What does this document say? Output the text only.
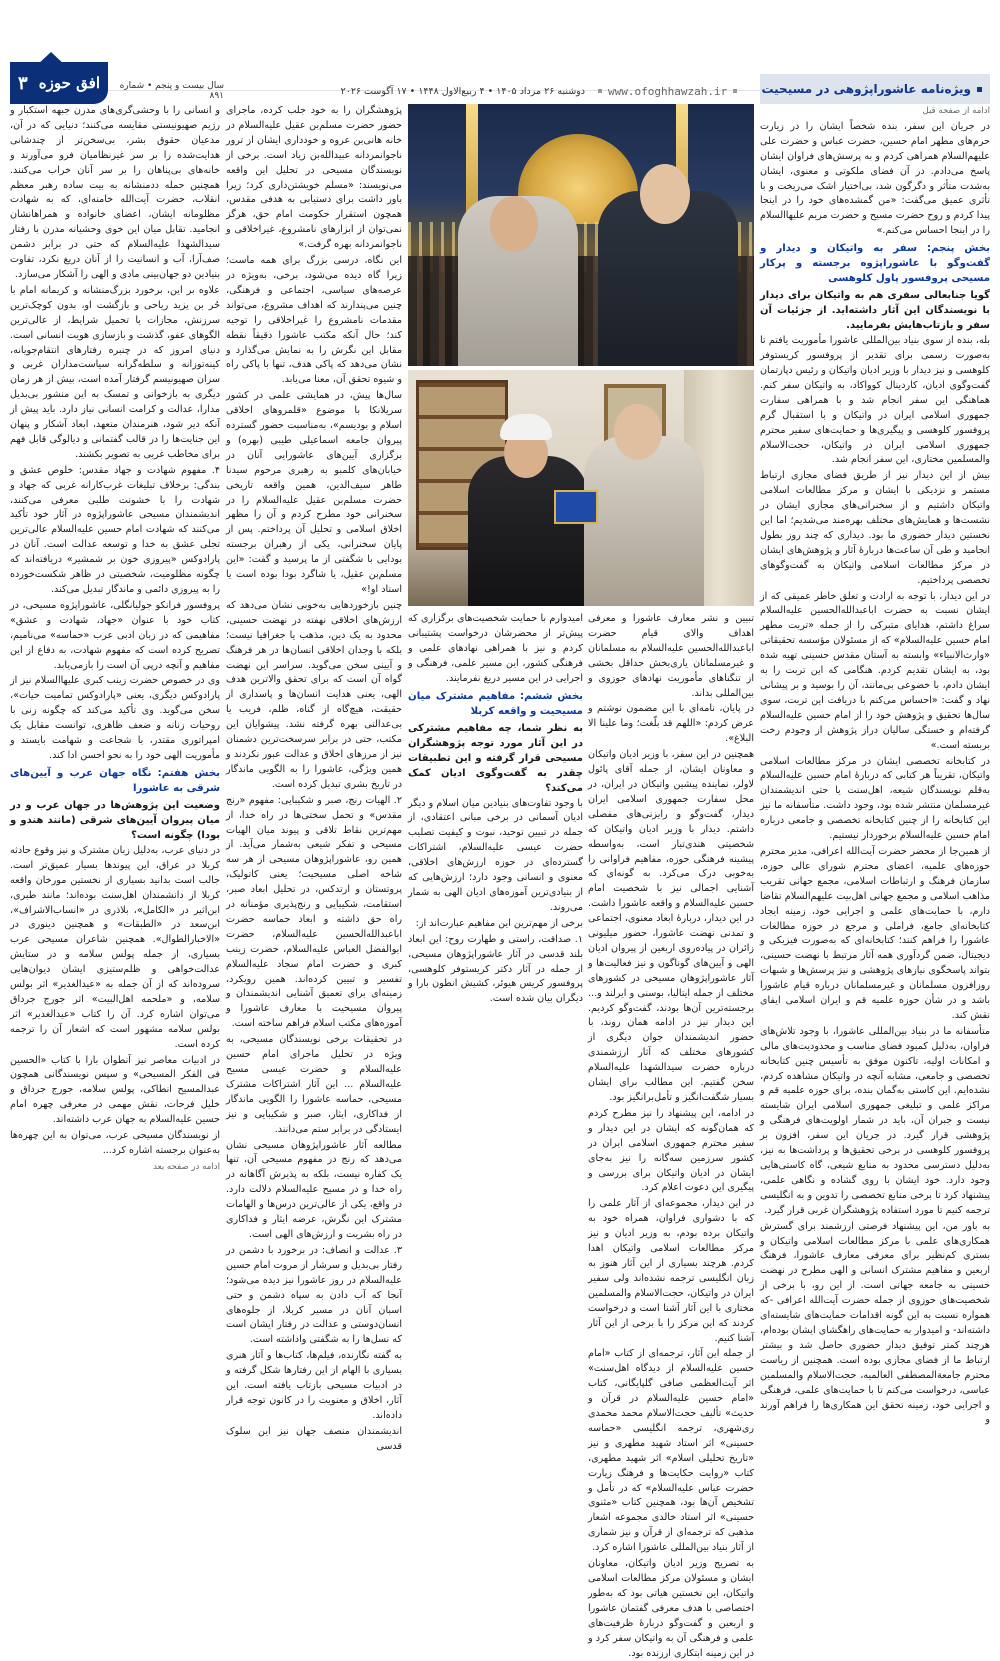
ویژه‌نامه عاشوراپژوهی در مسیحیت
www.ofoghhawzah.ir
دوشنبه ۲۶ مرداد ۱۴۰۵ • ۴ ربیع‌الاول ۱۴۴۸ • ۱۷ آگوست ۲۰۲۶
سال بیست و پنجم • شماره ۸۹۱
۳ افق حوزه

ادامه از صفحه قبل

در جریان این سفر، بنده شخصاً ایشان را در زیارت حرم‌های مطهر امام حسین، حضرت عباس و حضرت علی علیهم‌السلام همراهی کردم و به پرسش‌های فراوان ایشان پاسخ می‌دادم. در آن فضای ملکوتی و معنوی، ایشان به‌شدت متأثر و دگرگون شد، بی‌اختیار اشک می‌ریخت و با تأثری عمیق می‌گفت: «من گمشده‌های خود را در اینجا پیدا کردم و روح حضرت مسیح و حضرت مریم علیهاالسلام را در اینجا احساس می‌کنم.»

بخش پنجم: سفر به واتیکان و دیدار و گفت‌وگو با عاشوراپژوه برجسته و پرکار مسیحی پروفسور پاول کلوهسی

گویا جنابعالی سفری هم به واتیکان برای دیدار با نویسندگان این آثار داشته‌اید. از جزئیات آن سفر و بازتاب‌هایش بفرمایید.

بله، بنده از سوی بنیاد بین‌المللی عاشورا مأموریت یافتم تا به‌صورت رسمی برای تقدیر از پروفسور کریستوفر کلوهسی و نیز دیدار با وزیر ادیان واتیکان و رئیس دپارتمان گفت‌وگوی ادیان، کاردینال کوواکاد، به واتیکان سفر کنم. هماهنگی این سفر انجام شد و با همراهی سفارت جمهوری اسلامی ایران در واتیکان و با استقبال گرم پروفسور کلوهسی و پیگیری‌ها و حمایت‌های سفیر محترم جمهوری اسلامی ایران در واتیکان، حجت‌الاسلام والمسلمین مختاری، این سفر انجام شد.

بیش از این دیدار نیز از طریق فضای مجازی ارتباط مستمر و نزدیکی با ایشان و مرکز مطالعات اسلامی واتیکان داشتیم و از سخنرانی‌های مجازی ایشان در نشست‌ها و همایش‌های مختلف بهره‌مند می‌شدیم؛ اما این نخستین دیدار حضوری ما بود. دیداری که چند روز بطول انجامید و طی آن ساعت‌ها دربارهٔ آثار و پژوهش‌های ایشان در مرکز مطالعات اسلامی واتیکان به گفت‌وگوهای تخصصی پرداختیم.

در این دیدار، با توجه به ارادت و تعلق خاطر عمیقی که از ایشان نسبت به حضرت اباعبدالله‌الحسین علیه‌السلام سراغ داشتم، هدایای متبرکی را از جمله «تربت مطهر امام حسین علیه‌السلام» که از مسئولان مؤسسه تحقیقاتی «وارث‌الانبیاء» وابسته به آستان مقدس حسینی تهیه شده بود، به ایشان تقدیم کردم. هنگامی که این تربت را به ایشان دادم، با خضوعی بی‌مانند، آن را بوسید و بر پیشانی نهاد و گفت: «احساس می‌کنم با دریافت این تربت، سوی سال‌ها تحقیق و پژوهش خود را از امام حسین علیه‌السلام گرفته‌ام و خستگی سالیان دراز پژوهش از وجودم رخت بربسته است.»

در کتابخانه تخصصی ایشان در مرکز مطالعات اسلامی واتیکان، تقریباً هر کتابی که دربارهٔ امام حسین علیه‌السلام به‌قلم نویسندگان شیعه، اهل‌سنت یا حتی اندیشمندان غیرمسلمان منتشر شده بود، وجود داشت. متأسفانه ما نیز این کتابخانه را از چنین کتابخانه تخصصی و جامعی درباره امام حسین علیه‌السلام برخوردار نیستیم.

از همین‌جا از محضر حضرت آیت‌الله اعرافی، مدیر محترم حوزه‌های علمیه، اعضای محترم شورای عالی حوزه، سازمان فرهنگ و ارتباطات اسلامی، مجمع جهانی تقریب مذاهب اسلامی و مجمع جهانی اهل‌بیت علیهم‌السلام تقاضا دارم، با حمایت‌های علمی و اجرایی خود، زمینه ایجاد کتابخانه‌ای جامع، فراملی و مرجع در حوزه مطالعات عاشورا را فراهم کنند؛ کتابخانه‌ای که به‌صورت فیزیکی و دیجیتال، ضمن گردآوری همه آثار مرتبط با نهضت حسینی، بتواند پاسخگوی نیازهای پژوهشی و نیز پرسش‌ها و شبهات روزافزون مسلمانان و غیرمسلمانان درباره قیام عاشورا باشد و در شأن حوزه علمیه قم و ایران اسلامی ایفای نقش کند.

متأسفانه ما در بنیاد بین‌المللی عاشورا، با وجود تلاش‌های فراوان، به‌دلیل کمبود فضای مناسب و محدودیت‌های مالی و امکانات اولیه، تاکنون موفق به تأسیس چنین کتابخانه تخصصی و جامعی، مشابه آنچه در واتیکان مشاهده کردم، نشده‌ایم. این کاستی به‌گمان بنده، برای حوزه علمیه قم و مراکز علمی و تبلیغی جمهوری اسلامی ایران شایسته نیست و جبران آن، باید در شمار اولویت‌های فرهنگی و پژوهشی قرار گیرد. در جریان این سفر، افزون بر پروفسور کلوهسی در برخی تحقیق‌ها و پرداشت‌ها به نیز، به‌دلیل دسترسی محدود به منابع شیعی، گاه کاستی‌هایی وجود دارد. خود ایشان با روی گشاده و نگاهی علمی، پیشنهاد کرد تا برخی منابع تخصصی را تدوین و به انگلیسی ترجمه کنیم تا مورد استفاده پژوهشگران غربی قرار گیرد.

به باور من، این پیشنهاد فرصتی ارزشمند برای گسترش همکاری‌های علمی با مرکز مطالعات اسلامی واتیکان و بستری کم‌نظیر برای معرفی معارف عاشورا، فرهنگ اربعین و مفاهیم مشترک انسانی و الهی مطرح در نهضت حسینی به جامعه جهانی است. از این رو، با برخی از شخصیت‌های حوزوی از جمله حضرت آیت‌الله اعرافی -که همواره نسبت به این گونه اقدامات حمایت‌های شایسته‌ای داشته‌اند- و امیدوار به حمایت‌های راهگشای ایشان بوده‌ام، هرچند کمتر توفیق دیدار حضوری حاصل شد و بیشتر ارتباط ما از فضای مجازی بوده است. همچنین از ریاست محترم جامعةالمصطفی العالمیه، حجت‌الاسلام والمسلمین عباسی، درخواست می‌کنم تا با حمایت‌های علمی، فرهنگی و اجرایی خود، زمینه تحقق این همکاری‌ها را فراهم آورند و

تبیین و نشر معارف عاشورا و معرفی اهداف والای قیام حضرت اباعبدالله‌الحسین علیه‌السلام به مسلمانان و غیرمسلمانان یاری‌بخش حداقل بخشی از تنگناهای مأموریت نهادهای حوزوی و بین‌المللی بداند.

در پایان، نامه‌ای با این مضمون نوشتم و عرض کردم: «اللهم قد بلّغت؛ وما علینا الا البلاغ».

همچنین در این سفر، با وزیر ادیان واتیکان و معاونان ایشان، از جمله آقای پائول لاولر، نماینده پیشین واتیکان در ایران، در محل سفارت جمهوری اسلامی ایران دیدار، گفت‌وگو و رایزنی‌های مفصلی داشتم. دیدار با وزیر ادیان واتیکان که شخصیتی هندی‌تبار است، به‌واسطه پیشینه فرهنگی حوزه، مفاهیم فراوانی را به‌خوبی درک می‌کرد. به گونه‌ای که آشنایی اجمالی نیز با شخصیت امام حسین علیه‌السلام و واقعه عاشورا داشت. در این دیدار، دربارهٔ ابعاد معنوی، اجتماعی و تمدنی نهضت عاشورا، حضور میلیونی زائران در پیاده‌روی اربعین از پیروان ادیان الهی و آیین‌های گوناگون و نیز فعالیت‌ها و آثار عاشوراپژوهان مسیحی در کشورهای مختلف از جمله ایتالیا، بوسنی و ایرلند و... برجسته‌ترین آن‌ها بودند، گفت‌وگو کردیم. این دیدار نیز در ادامه همان روند، با حضور اندیشمندان جوان دیگری از کشورهای مختلف که آثار ارزشمندی درباره حضرت سیدالشهدا علیه‌السلام سخن گفتیم. این مطالب برای ایشان بسیار شگفت‌انگیز و تأمل‌برانگیز بود.

در ادامه، این پیشنهاد را نیز مطرح کردم که همان‌گونه که ایشان در این دیدار و سفیر محترم جمهوری اسلامی ایران در کشور سرزمین سه‌گانه را نیز به‌جای ایشان در ادیان واتیکان برای بررسی و پیگیری این دعوت اعلام کرد.

در این دیدار، مجموعه‌ای از آثار علمی را که با دشواری فراوان، همراه خود به واتیکان برده بودم، به وزیر ادیان و نیز مرکز مطالعات اسلامی واتیکان اهدا کردم. هرچند بسیاری از این آثار هنوز به زبان انگلیسی ترجمه نشده‌اند ولی سفیر ایران در واتیکان، حجت‌الاسلام والمسلمین مختاری با این آثار آشنا است و درخواست کردند که این مرکز را با برخی از این آثار آشنا کنیم.

از جمله این آثار، ترجمه‌ای از کتاب «امام حسین علیه‌السلام از دیدگاه اهل‌سنت» اثر آیت‌العظمی صافی گلپایگانی، کتاب «امام حسین علیه‌السلام در قرآن و حدیث» تألیف حجت‌الاسلام محمد محمدی ری‌شهری، ترجمه انگلیسی «حماسه حسینی» اثر استاد شهید مطهری و نیز «تاریخ تحلیلی اسلام» اثر شهید مطهری، کتاب «روایت حکایت‌ها و فرهنگ زیارت حضرت عباس علیه‌السلام» که در تأمل و تشخیص آن‌ها بود، همچنین کتاب «مثنوی حسینی» اثر استاد خالدی مجموعه اشعار مذهبی که ترجمه‌ای از قرآن و نیز شماری از آثار بنیاد بین‌المللی عاشورا اشاره کرد.

به تصریح وزیر ادیان واتیکان، معاونان ایشان و مسئولان مرکز مطالعات اسلامی واتیکان، این نخستین هیاتی بود که به‌طور اختصاصی با هدف معرفی گفتمان عاشورا و اربعین و گفت‌وگو دربارهٔ ظرفیت‌های علمی و فرهنگی آن به واتیکان سفر کرد و در این زمینه ابتکاری ارزنده بود.

امیدوارم با حمایت شخصیت‌های برگزاری که پیش‌تر از محضرشان درخواست پشتیبانی کردم و نیز با همراهی نهادهای علمی و فرهنگی کشور، این مسیر علمی، فرهنگی و اجرایی در این مسیر دریغ نفرمایند.

بخش ششم: مفاهیم مشترک میان مسیحیت و واقعه کربلا

به نظر شما، چه مفاهیم مشترکی در این آثار مورد توجه پژوهشگران مسیحی قرار گرفته و این تطبیقات چقدر به گفت‌وگوی ادیان کمک می‌کند؟

با وجود تفاوت‌های بنیادین میان اسلام و دیگر ادیان آسمانی در برخی مبانی اعتقادی، از جمله در تبیین توحید، نبوت و کیفیت تصلیب حضرت عیسی علیه‌السلام، اشتراکات گسترده‌ای در حوزه ارزش‌های اخلاقی، معنوی و انسانی وجود دارد؛ ارزش‌هایی که از بنیادی‌ترین آموزه‌های ادیان الهی به شمار می‌روند.

برخی از مهم‌ترین این مفاهیم عبارت‌اند از:

۱. صداقت، راستی و طهارت روح: این ابعاد بلند قدسی در آثار عاشوراپژوهان مسیحی، از جمله در آثار دکتر کریستوفر کلوهسی، پروفسور کریس هیوئر، کشیش انطون بارا و دیگران بیان شده است.

پژوهشگران را به خود جلب کرده، ماجرای حضور حضرت مسلم‌بن عقیل علیه‌السلام در خانه هانی‌بن عروه و خودداری ایشان از ترور ناجوانمردانه عبیدالله‌بن زیاد است. برخی از نویسندگان مسیحی در تحلیل این واقعه می‌نویسند: «مسلم خویشتن‌داری کرد؛ زیرا باور داشت برای دستیابی به هدفی مقدس، همچون استقرار حکومت امام حق، هرگز نمی‌توان از ابزارهای نامشروع، غیراخلاقی و ناجوانمردانه بهره گرفت.»

این نگاه، درسی بزرگ برای همه ماست؛ زیرا گاه دیده می‌شود، برخی، به‌ویژه در عرصه‌های سیاسی، اجتماعی و فرهنگی، چنین می‌پندارند که اهداف مشروع، می‌تواند مقدمات نامشروع را غیراخلاقی را توجیه کند؛ حال آنکه مکتب عاشورا دقیقاً نقطه مقابل این نگرش را به نمایش می‌گذارد و نشان می‌دهد که پاکی هدف، تنها با پاکی راه و شیوه تحقق آن، معنا می‌یابد.

سال‌ها پیش، در همایشی علمی در کشور سریلانکا با موضوع «قلمروهای اخلاقی اسلام و بودیسم»، به‌مناسبت حضور گسترده پیروان جامعه اسماعیلی طیبی (بهره) و برگزاری آیین‌های عاشورایی آنان در خیابان‌های کلمبو به رهبری مرحوم سیدنا طاهر سیف‌الدین، همین واقعه تاریخی حضرت مسلم‌بن عقیل علیه‌السلام را در سخنرانی خود مطرح کردم و آن را مظهر اخلاق اسلامی و تحلیل آن پرداختم. پس از پایان سخنرانی، یکی از رهبران برجسته بودایی با شگفتی از ما پرسید و گفت: «این مسلم‌بن عقیل، یا شاگرد بودا بوده است یا استاد او!»

چنین بازخوردهایی به‌خوبی نشان می‌دهد که ارزش‌های اخلاقی نهفته در نهضت حسینی، محدود به یک دین، مذهب یا جغرافیا نیست؛ بلکه با وجدان اخلاقی انسان‌ها در هر فرهنگ و آیینی سخن می‌گوید. سراسر این نهضت گواه آن است که برای تحقق والاترین هدف الهی، یعنی هدایت انسان‌ها و پاسداری از حقیقت، هیچ‌گاه از گناه، ظلم، فریب یا بی‌عدالتی بهره گرفته نشد. پیشوایان این مکتب، حتی در برابر سرسخت‌ترین دشمنان نیز از مرزهای اخلاق و عدالت عبور نکردند و همین ویژگی، عاشورا را به الگویی ماندگار در تاریخ بشری تبدیل کرده است.

۲. الهیات رنج، صبر و شکیبایی: مفهوم «رنج مقدس» و تحمل سختی‌ها در راه خدا، از مهم‌ترین نقاط تلاقی و پیوند میان الهیات مسیحی و تفکر شیعی به‌شمار می‌آید. از همین رو، عاشوراپژوهان مسیحی از هر سه شاخه اصلی مسیحیت؛ یعنی کاتولیک، پروتستان و ارتدکس، در تحلیل ابعاد صبر، استقامت، شکیبایی و رنج‌پذیری مؤمنانه در راه حق داشته و ابعاد حماسه حضرت اباعبدالله‌الحسین علیه‌السلام، حضرت ابوالفضل العباس علیه‌السلام، حضرت زینب کبری و حضرت امام سجاد علیه‌السلام تفسیر و تبیین کرده‌اند. همین رویکرد، زمینه‌ای برای تعمیق آشنایی اندیشمندان و پیروان مسیحیت با معارف عاشورا و آموزه‌های مکتب اسلام فراهم ساخته است.

در تحقیقات برخی نویسندگان مسیحی، به ویژه در تحلیل ماجرای امام حسین علیه‌السلام و حضرت عیسی مسیح علیه‌السلام ... این آثار اشتراکات مشترک مسیحی، حماسه عاشورا را الگویی ماندگار از فداکاری، ایثار، صبر و شکیبایی و نیز ایستادگی در برابر ستم می‌دانند.

مطالعه آثار عاشوراپژوهان مسیحی نشان می‌دهد که رنج در مفهوم مسیحی آن، تنها یک کفاره نیست، بلکه به پذیرش آگاهانه در راه خدا و در مسیح علیه‌السلام دلالت دارد. در واقع، یکی از عالی‌ترین درس‌ها و الهامات مشترک این نگرش، عرضه ایثار و فداکاری در راه بشریت و ارزش‌های الهی است.

۳. عدالت و انصاف: در برخورد با دشمن در رفتار بی‌بدیل و سرشار از مروت امام حسین علیه‌السلام در روز عاشورا نیز دیده می‌شود؛ آنجا که آب دادن به سپاه دشمن و حتی اسبان آنان در مسیر کربلا، از جلوه‌های انسان‌دوستی و عدالت در رفتار ایشان است که نسل‌ها را به شگفتی واداشته است.

به گفته نگارنده، فیلم‌ها، کتاب‌ها و آثار هنری بسیاری با الهام از این رفتارها شکل گرفته و در ادبیات مسیحی بازتاب یافته است. این آثار، اخلاق و معنویت را در کانون توجه قرار داده‌اند.

اندیشمندان منصف جهان نیز این سلوک قدسی

و انسانی را با وحشی‌گری‌های مدرن جبهه استکبار و رژیم صهیونیستی مقایسه می‌کنند؛ دنیایی که در آن، مدعیان حقوق بشر، بی‌سخن‌تر از چندشانی هدایت‌شده را بر سر غیرنظامیان فرو می‌آورند و خانه‌های بی‌پناهان را بر سر آنان خراب می‌کنند. همچنین حمله ددمنشانه به بیت ساده رهبر معظم انقلاب، حضرت آیت‌الله خامنه‌ای، که به شهادت مظلومانه ایشان، اعضای خانواده و همراهانشان انجامید. تقابل میان این خوی وحشیانه مدرن با رفتار سیدالشهدا علیه‌السلام که حتی در برابر دشمن صف‌آرا، آب و انسانیت را از آنان دریغ نکرد، تفاوت بنیادین دو جهان‌بینی مادی و الهی را آشکار می‌سازد.

علاوه بر این، برخورد بزرگ‌منشانه و کریمانه امام با حُر بن یزید ریاحی و بازگشت او، بدون کوچک‌ترین سرزنش، مجازات یا تحمیل شرایط، از عالی‌ترین الگوهای عفو، گذشت و بازسازی هویت انسانی است. دنیای امروز که در چنبره رفتارهای انتقام‌جویانه، کینه‌توزانه و سلطه‌گرانه سیاست‌مداران غربی و سران صهیونیسم گرفتار آمده است، بیش از هر زمان دیگری به بازخوانی و تمسک به این منشور بی‌بدیل مدارا، عدالت و کرامت انسانی نیاز دارد. باید پیش از آنکه دیر شود، هنرمندان متعهد، ابعاد آشکار و پنهان این جنایت‌ها را در قالب گفتمانی و دیالوگی قابل فهم برای مخاطب غربی به تصویر بکشند.

۴. مفهوم شهادت و جهاد مقدس: خلوص عشق و بندگی: برخلاف تبلیغات غرب‌کارانه غربی که جهاد و شهادت را با خشونت طلبی معرفی می‌کنند، اندیشمندان مسیحی عاشوراپژوه در آثار خود تأکید می‌کنند که شهادت امام حسین علیه‌السلام عالی‌ترین تجلی عشق به خدا و توسعه عدالت است. آنان در پارادوکس «پیروزی خون بر شمشیر» دریافته‌اند که چگونه مظلومیت، شخصیتی در ظاهر شکست‌خورده را به پیروزی دائمی و ماندگار تبدیل می‌کند.

پروفسور فرانکو جولیانگلی، عاشوراپژوه مسیحی، در کتاب خود با عنوان «جهاد، شهادت و عشق» مفاهیمی که در زبان ادبی عرب «حماسه» می‌نامیم، تصریح کرده است که مفهوم شهادت، به دفاع از این مفاهیم و آنچه درپی آن است را بازمی‌یابد.

وی در خصوص حضرت زینب کبری علیهاالسلام نیز از پارادوکس دیگری، یعنی «پارادوکس تمامیت حیات»، سخن می‌گوید. وی تأکید می‌کند که چگونه زنی با روحیات زنانه و ضعف ظاهری، توانست مقابل یک امپراتوری مقتدر، با شجاعت و شهامت بایستد و مأموریت الهی خود را به نحو احسن ادا کند.

بخش هفتم: نگاه جهان عرب و آیین‌های شرقی به عاشورا

وضعیت این پژوهش‌ها در جهان عرب و در میان پیروان آیین‌های شرقی (مانند هندو و بودا) چگونه است؟

در دنیای عرب، به‌دلیل زبان مشترک و نیز وقوع حادثه کربلا در عراق، این پیوندها بسیار عمیق‌تر است. جالب است بدانید بسیاری از نخستین مورخان واقعه کربلا از دانشمندان اهل‌سنت بوده‌اند؛ مانند طبری، ابن‌اثیر در «الکامل»، بلاذری در «انساب‌الاشراف»، ابن‌سعد در «الطبقات» و همچنین دینوری در «الاخبارالطوال». همچنین شاعران مسیحی عرب بسیاری، از جمله پولس سلامه و در ستایش عدالت‌خواهی و ظلم‌ستیزی ایشان دیوان‌هایی سروده‌اند که از آن جمله به «عیدالغدیر» اثر بولس سلامه، و «ملحمه اهل‌البیت» اثر جورج جرداق می‌توان اشاره کرد. آن را کتاب «عیدالغدیر» اثر بولس سلامه مشهور است که اشعار آن را ترجمه کرده است.

در ادبیات معاصر نیز آنطوان بارا با کتاب «الحسین فی الفکر المسیحی» و سپس نویسندگانی همچون عبدالمسیح انطاکی، پولس سلامه، جورج جرداق و خلیل فرحات، نقش مهمی در معرفی چهره امام حسین علیه‌السلام به جهان عرب داشته‌اند.

از نویسندگان مسیحی عرب، می‌توان به این چهره‌ها به‌عنوان برجسته اشاره کرد...

ادامه در صفحه بعد
